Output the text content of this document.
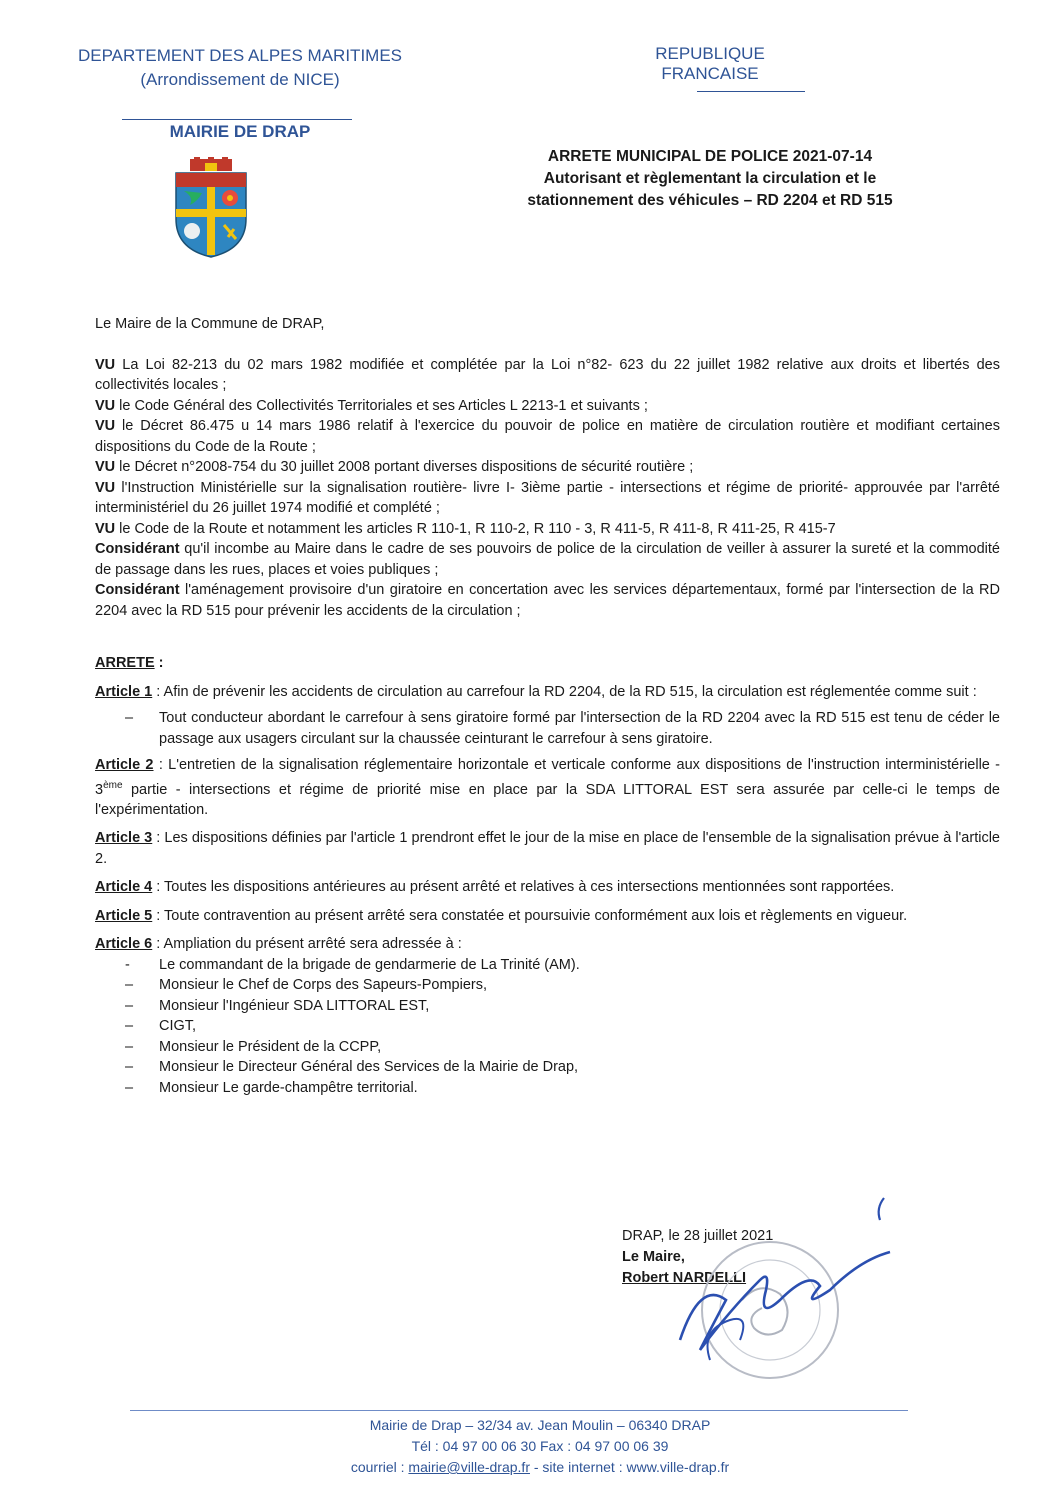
DEPARTEMENT DES ALPES MARITIMES
(Arrondissement de NICE)
MAIRIE DE DRAP
REPUBLIQUE FRANCAISE
ARRETE MUNICIPAL DE POLICE 2021-07-14
Autorisant et règlementant la circulation et le
stationnement des véhicules – RD 2204 et RD 515

Le Maire de la Commune de DRAP,

VU La Loi 82-213 du 02 mars 1982 modifiée et complétée par la Loi n°82- 623 du 22 juillet 1982 relative aux droits et libertés des collectivités locales ;

VU le Code Général des Collectivités Territoriales et ses Articles L 2213-1 et suivants ;

VU le Décret 86.475 u 14 mars 1986 relatif à l'exercice du pouvoir de police en matière de circulation routière et modifiant certaines dispositions du Code de la Route ;

VU le Décret n°2008-754 du 30 juillet 2008 portant diverses dispositions de sécurité routière ;

VU l'Instruction Ministérielle sur la signalisation routière- livre I- 3ième partie - intersections et régime de priorité- approuvée par l'arrêté interministériel du 26 juillet 1974 modifié et complété ;

VU le Code de la Route et notamment les articles R 110-1, R 110-2, R 110 - 3, R 411-5, R 411-8, R 411-25, R 415-7

Considérant qu'il incombe au Maire dans le cadre de ses pouvoirs de police de la circulation de veiller à assurer la sureté et la commodité de passage dans les rues, places et voies publiques ;

Considérant l'aménagement provisoire d'un giratoire en concertation avec les services départementaux, formé par l'intersection de la RD 2204 avec la RD 515 pour prévenir les accidents de la circulation ;

ARRETE :

Article 1 : Afin de prévenir les accidents de circulation au carrefour la RD 2204, de la RD 515, la circulation est réglementée comme suit :

–	Tout conducteur abordant le carrefour à sens giratoire formé par l'intersection de la RD 2204 avec la RD 515 est tenu de céder le passage aux usagers circulant sur la chaussée ceinturant le carrefour à sens giratoire.

Article 2 : L'entretien de la signalisation réglementaire horizontale et verticale conforme aux dispositions de l'instruction interministérielle - 3ème partie - intersections et régime de priorité mise en place par la SDA LITTORAL EST sera assurée par celle-ci le temps de l'expérimentation.

Article 3 : Les dispositions définies par l'article 1 prendront effet le jour de la mise en place de l'ensemble de la signalisation prévue à l'article 2.

Article 4 : Toutes les dispositions antérieures au présent arrêté et relatives à ces intersections mentionnées sont rapportées.

Article 5 : Toute contravention au présent arrêté sera constatée et poursuivie conformément aux lois et règlements en vigueur.

Article 6 : Ampliation du présent arrêté sera adressée à :

-	Le commandant de la brigade de gendarmerie de La Trinité (AM).
–	Monsieur le Chef de Corps des Sapeurs-Pompiers,
–	Monsieur l'Ingénieur SDA LITTORAL EST,
–	CIGT,
–	Monsieur le Président de la CCPP,
–	Monsieur le Directeur Général des Services de la Mairie de Drap,
–	Monsieur Le garde-champêtre territorial.
DRAP, le 28 juillet 2021
Le Maire,
Robert NARDELLI
Mairie de Drap – 32/34 av. Jean Moulin – 06340 DRAP
Tél : 04 97 00 06 30 Fax : 04 97 00 06 39
courriel : mairie@ville-drap.fr - site internet : www.ville-drap.fr
